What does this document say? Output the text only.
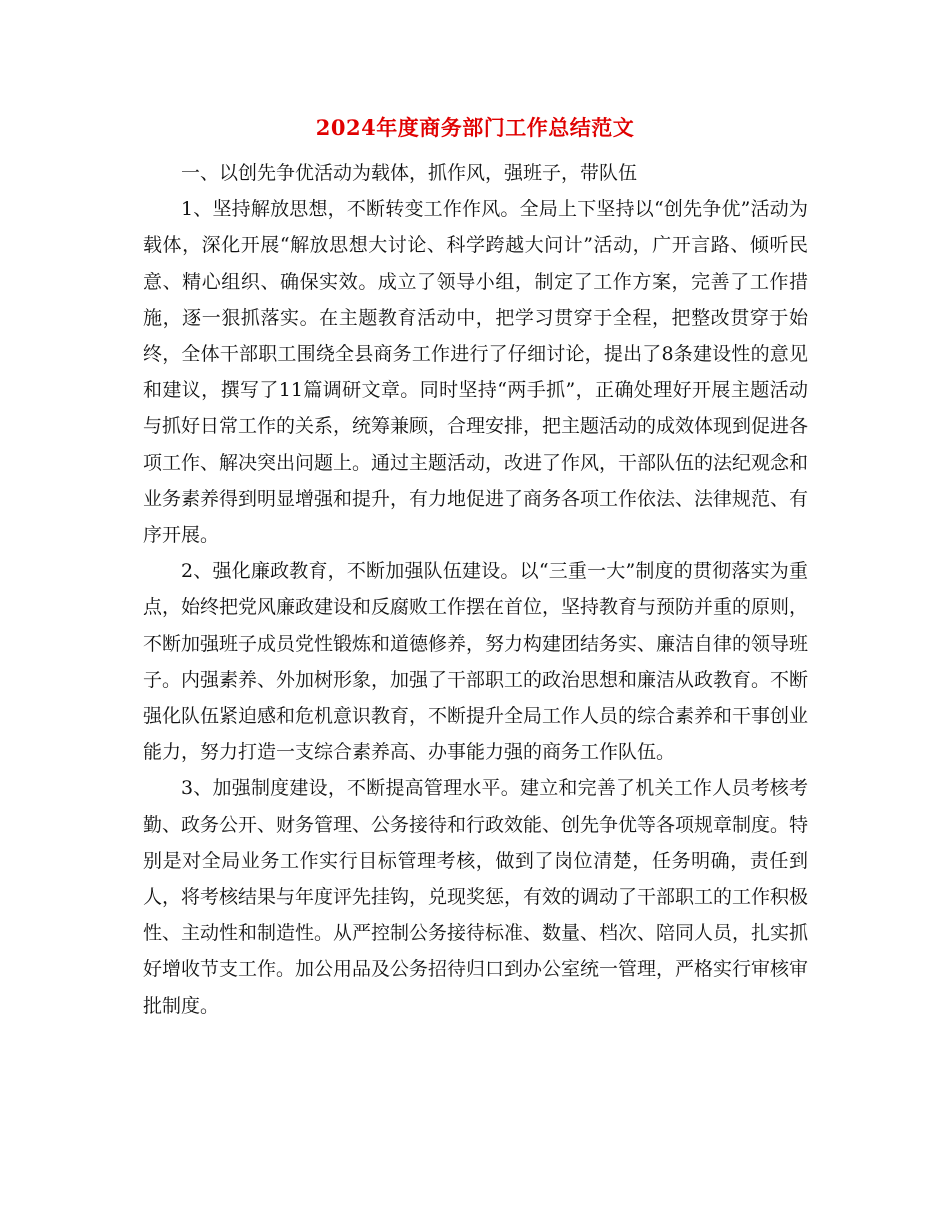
2024年度商务部门工作总结范文

一、以创先争优活动为载体，抓作风，强班子，带队伍

1、坚持解放思想，不断转变工作作风。全局上下坚持以“创先争优”活动为载体，深化开展“解放思想大讨论、科学跨越大问计”活动，广开言路、倾听民意、精心组织、确保实效。成立了领导小组，制定了工作方案，完善了工作措施，逐一狠抓落实。在主题教育活动中，把学习贯穿于全程，把整改贯穿于始终，全体干部职工围绕全县商务工作进行了仔细讨论，提出了8条建设性的意见和建议，撰写了11篇调研文章。同时坚持“两手抓”，正确处理好开展主题活动与抓好日常工作的关系，统筹兼顾，合理安排，把主题活动的成效体现到促进各项工作、解决突出问题上。通过主题活动，改进了作风，干部队伍的法纪观念和业务素养得到明显增强和提升，有力地促进了商务各项工作依法、法律规范、有序开展。

2、强化廉政教育，不断加强队伍建设。以“三重一大”制度的贯彻落实为重点，始终把党风廉政建设和反腐败工作摆在首位，坚持教育与预防并重的原则，不断加强班子成员党性锻炼和道德修养，努力构建团结务实、廉洁自律的领导班子。内强素养、外加树形象，加强了干部职工的政治思想和廉洁从政教育。不断强化队伍紧迫感和危机意识教育，不断提升全局工作人员的综合素养和干事创业能力，努力打造一支综合素养高、办事能力强的商务工作队伍。

3、加强制度建设，不断提高管理水平。建立和完善了机关工作人员考核考勤、政务公开、财务管理、公务接待和行政效能、创先争优等各项规章制度。特别是对全局业务工作实行目标管理考核，做到了岗位清楚，任务明确，责任到人，将考核结果与年度评先挂钩，兑现奖惩，有效的调动了干部职工的工作积极性、主动性和制造性。从严控制公务接待标准、数量、档次、陪同人员，扎实抓好增收节支工作。加公用品及公务招待归口到办公室统一管理，严格实行审核审批制度。
